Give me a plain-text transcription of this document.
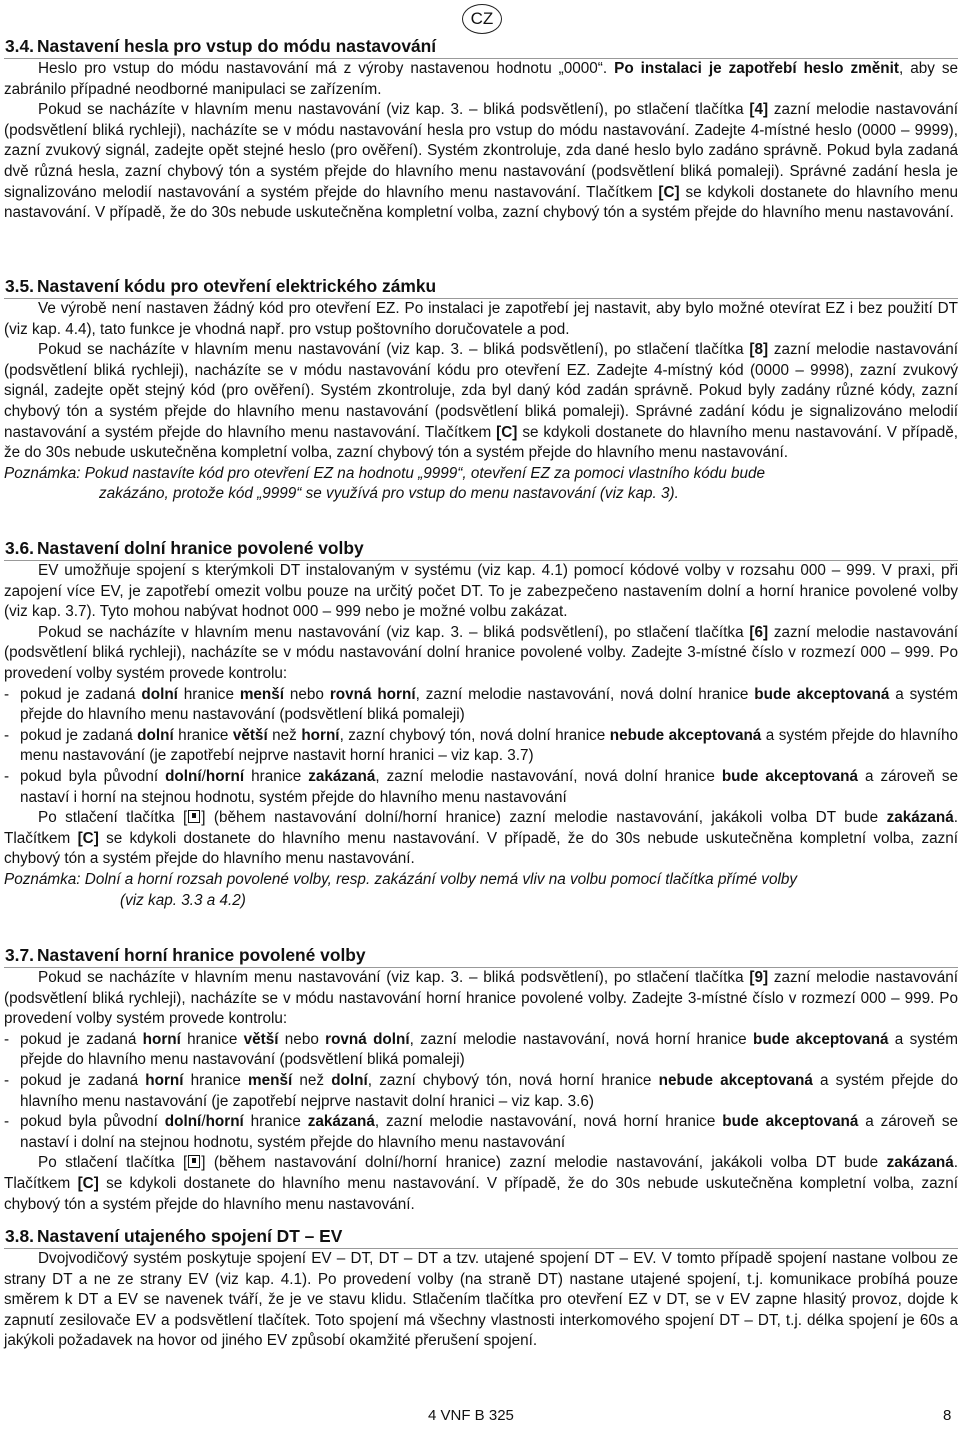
CZ
3.4. Nastavení hesla pro vstup do módu nastavování

Heslo pro vstup do módu nastavování má z výroby nastavenou hodnotu „0000“. Po instalaci je zapotřebí heslo změnit, aby se zabránilo případné neodborné manipulaci se zařízením.

Pokud se nacházíte v hlavním menu nastavování (viz kap. 3. – bliká podsvětlení), po stlačení tlačítka [4] zazní melodie nastavování (podsvětlení bliká rychleji), nacházíte se v módu nastavování hesla pro vstup do módu nastavování. Zadejte 4-místné heslo (0000 – 9999), zazní zvukový signál, zadejte opět stejné heslo (pro ověření). Systém zkontroluje, zda dané heslo bylo zadáno správně. Pokud byla zadaná dvě různá hesla, zazní chybový tón a systém přejde do hlavního menu nastavování (podsvětlení bliká pomaleji). Správné zadání hesla je signalizováno melodií nastavování a systém přejde do hlavního menu nastavování. Tlačítkem [C] se kdykoli dostanete do hlavního menu nastavování. V případě, že do 30s nebude uskutečněna kompletní volba, zazní chybový tón a systém přejde do hlavního menu nastavování.

3.5. Nastavení kódu pro otevření elektrického zámku

Ve výrobě není nastaven žádný kód pro otevření EZ. Po instalaci je zapotřebí jej nastavit, aby bylo možné otevírat EZ i bez použití DT (viz kap. 4.4), tato funkce je vhodná např. pro vstup poštovního doručovatele a pod.

Pokud se nacházíte v hlavním menu nastavování (viz kap. 3. – bliká podsvětlení), po stlačení tlačítka [8] zazní melodie nastavování (podsvětlení bliká rychleji), nacházíte se v módu nastavování kódu pro otevření EZ. Zadejte 4-místný kód (0000 – 9998), zazní zvukový signál, zadejte opět stejný kód (pro ověření). Systém zkontroluje, zda byl daný kód zadán správně. Pokud byly zadány různé kódy, zazní chybový tón a systém přejde do hlavního menu nastavování (podsvětlení bliká pomaleji). Správné zadání kódu je signalizováno melodií nastavování a systém přejde do hlavního menu nastavování. Tlačítkem [C] se kdykoli dostanete do hlavního menu nastavování. V případě, že do 30s nebude uskutečněna kompletní volba, zazní chybový tón a systém přejde do hlavního menu nastavování.

Poznámka: Pokud nastavíte kód pro otevření EZ na hodnotu „9999“, otevření EZ za pomoci vlastního kódu bude
zakázáno, protože kód „9999“ se využívá pro vstup do menu nastavování (viz kap. 3).

3.6. Nastavení dolní hranice povolené volby

EV umožňuje spojení s kterýmkoli DT instalovaným v systému (viz kap. 4.1) pomocí kódové volby v rozsahu 000 – 999. V praxi, při zapojení více EV, je zapotřebí omezit volbu pouze na určitý počet DT. To je zabezpečeno nastavením dolní a horní hranice povolené volby (viz kap. 3.7). Tyto mohou nabývat hodnot 000 – 999 nebo je možné volbu zakázat.

Pokud se nacházíte v hlavním menu nastavování (viz kap. 3. – bliká podsvětlení), po stlačení tlačítka [6] zazní melodie nastavování (podsvětlení bliká rychleji), nacházíte se v módu nastavování dolní hranice povolené volby. Zadejte 3-místné číslo v rozmezí 000 – 999. Po provedení volby systém provede kontrolu:

- pokud je zadaná dolní hranice menší nebo rovná horní, zazní melodie nastavování, nová dolní hranice bude akceptovaná a systém přejde do hlavního menu nastavování (podsvětlení bliká pomaleji)
- pokud je zadaná dolní hranice větší než horní, zazní chybový tón, nová dolní hranice nebude akceptovaná a systém přejde do hlavního menu nastavování (je zapotřebí nejprve nastavit horní hranici – viz kap. 3.7)
- pokud byla původní dolní/horní hranice zakázaná, zazní melodie nastavování, nová dolní hranice bude akceptovaná a zároveň se nastaví i horní na stejnou hodnotu, systém přejde do hlavního menu nastavování

Po stlačení tlačítka [ ] (během nastavování dolní/horní hranice) zazní melodie nastavování, jakákoli volba DT bude zakázaná. Tlačítkem [C] se kdykoli dostanete do hlavního menu nastavování. V případě, že do 30s nebude uskutečněna kompletní volba, zazní chybový tón a systém přejde do hlavního menu nastavování.

Poznámka: Dolní a horní rozsah povolené volby, resp. zakázání volby nemá vliv na volbu pomocí tlačítka přímé volby
(viz kap. 3.3 a 4.2)

3.7. Nastavení horní hranice povolené volby

Pokud se nacházíte v hlavním menu nastavování (viz kap. 3. – bliká podsvětlení), po stlačení tlačítka [9] zazní melodie nastavování (podsvětlení bliká rychleji), nacházíte se v módu nastavování horní hranice povolené volby. Zadejte 3-místné číslo v rozmezí 000 – 999. Po provedení volby systém provede kontrolu:

- pokud je zadaná horní hranice větší nebo rovná dolní, zazní melodie nastavování, nová horní hranice bude akceptovaná a systém přejde do hlavního menu nastavování (podsvětlení bliká pomaleji)
- pokud je zadaná horní hranice menší než dolní, zazní chybový tón, nová horní hranice nebude akceptovaná a systém přejde do hlavního menu nastavování (je zapotřebí nejprve nastavit dolní hranici – viz kap. 3.6)
- pokud byla původní dolní/horní hranice zakázaná, zazní melodie nastavování, nová horní hranice bude akceptovaná a zároveň se nastaví i dolní na stejnou hodnotu, systém přejde do hlavního menu nastavování

Po stlačení tlačítka [ ] (během nastavování dolní/horní hranice) zazní melodie nastavování, jakákoli volba DT bude zakázaná. Tlačítkem [C] se kdykoli dostanete do hlavního menu nastavování. V případě, že do 30s nebude uskutečněna kompletní volba, zazní chybový tón a systém přejde do hlavního menu nastavování.

3.8. Nastavení utajeného spojení DT – EV

Dvojvodičový systém poskytuje spojení EV – DT, DT – DT a tzv. utajené spojení DT – EV. V tomto případě spojení nastane volbou ze strany DT a ne ze strany EV (viz kap. 4.1). Po provedení volby (na straně DT) nastane utajené spojení, t.j. komunikace probíhá pouze směrem k DT a EV se navenek tváří, že je ve stavu klidu. Stlačením tlačítka pro otevření EZ v DT, se v EV zapne hlasitý provoz, dojde k zapnutí zesilovače EV a podsvětlení tlačítek. Toto spojení má všechny vlastnosti interkomového spojení DT – DT, t.j. délka spojení je 60s a jakýkoli požadavek na hovor od jiného EV způsobí okamžité přerušení spojení.

4 VNF B 325	8
